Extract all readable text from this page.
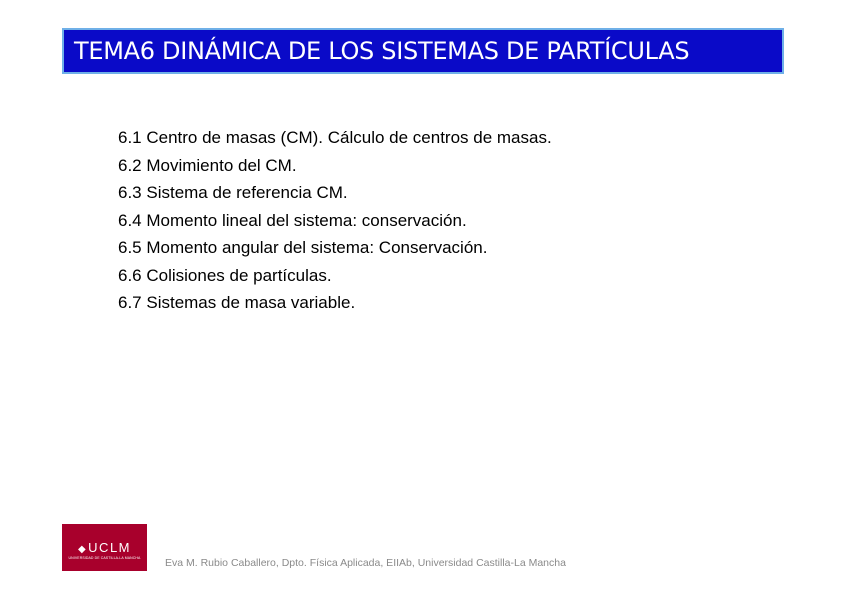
TEMA6 DINÁMICA DE LOS SISTEMAS DE PARTÍCULAS
6.1 Centro de masas (CM). Cálculo de centros de masas.
6.2 Movimiento del CM.
6.3 Sistema de referencia CM.
6.4 Momento lineal del sistema: conservación.
6.5 Momento angular del sistema: Conservación.
6.6 Colisiones de partículas.
6.7 Sistemas de masa variable.
◆UCLM
UNIVERSIDAD DE CASTILLA-LA MANCHA Eva M. Rubio Caballero, Dpto. Física Aplicada, EIIAb, Universidad Castilla-La Mancha
